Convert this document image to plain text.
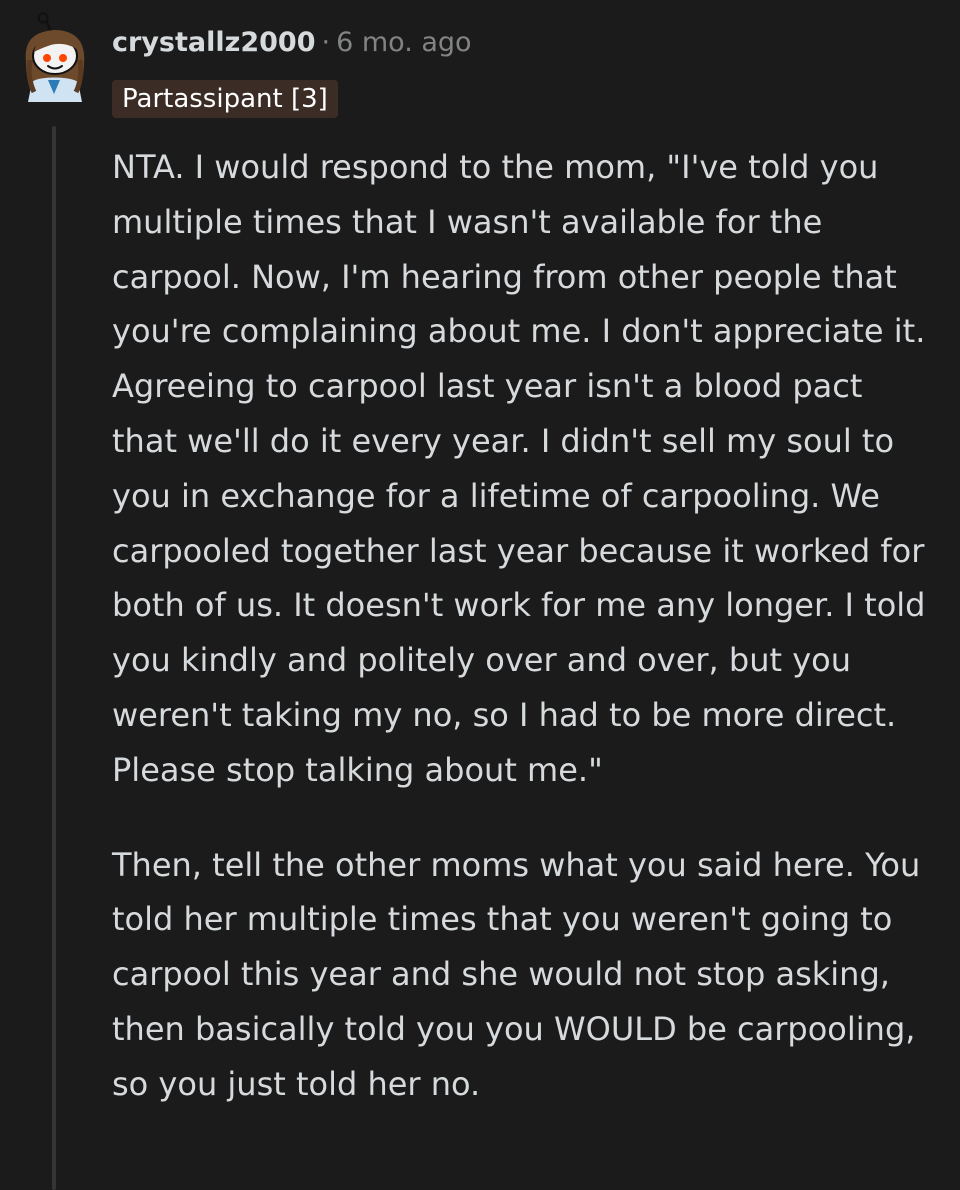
crystallz2000 · 6 mo. ago
Partassipant [3]

NTA. I would respond to the mom, "I've told you multiple times that I wasn't available for the carpool. Now, I'm hearing from other people that you're complaining about me. I don't appreciate it. Agreeing to carpool last year isn't a blood pact that we'll do it every year. I didn't sell my soul to you in exchange for a lifetime of carpooling. We carpooled together last year because it worked for both of us. It doesn't work for me any longer. I told you kindly and politely over and over, but you weren't taking my no, so I had to be more direct. Please stop talking about me."

Then, tell the other moms what you said here. You told her multiple times that you weren't going to carpool this year and she would not stop asking, then basically told you you WOULD be carpooling, so you just told her no.
